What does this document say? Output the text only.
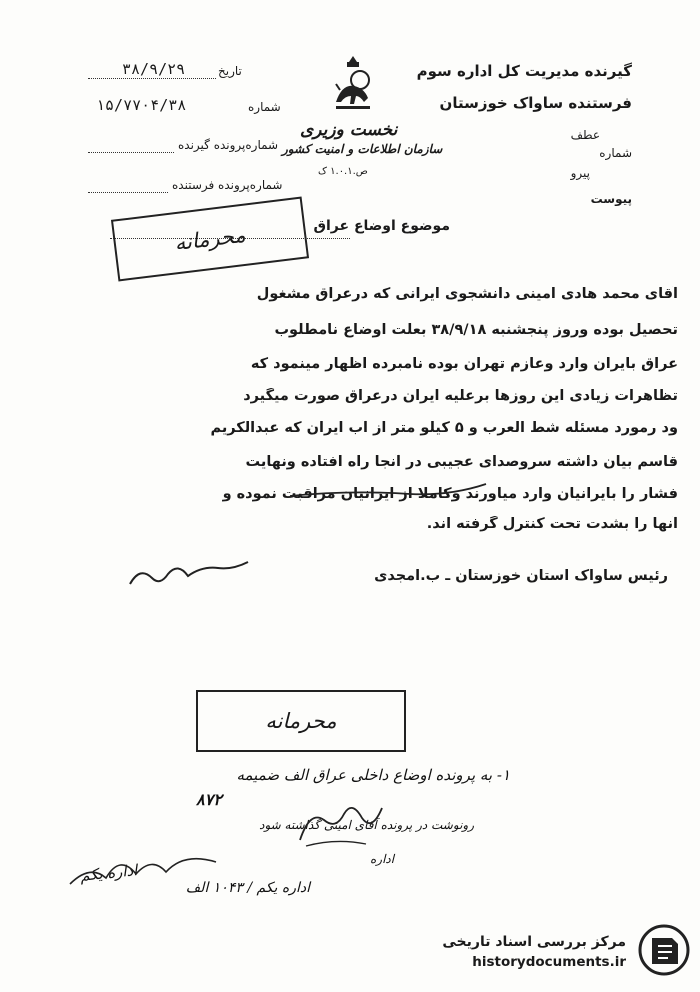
گیرنده مدیریت کل اداره سوم
فرستنده ساواک خوزستان
عطف
شماره
پیرو
پیوست
تاریخ
۳۸/۹/۲۹
شماره
۱۵/۷۷۰۴/۳۸
شماره‌پرونده گیرنده
شماره‌پرونده فرستنده
نخست وزیری
سازمان اطلاعات و امنیت کشور
ص.۱.۰.۱ ک
موضوع اوضاع عراق
محرمانه
آقای محمد هادی امینی دانشجوی ایرانی که درعراق مشغول
تحصیل بوده وروز پنجشنبه ۳۸/۹/۱۸ بعلت اوضاع نامطلوب
عراق بایران وارد وعازم تهران بوده نامبرده اظهار مینمود که
تظاهرات زیادی این روزها برعلیه ایران درعراق صورت میگیرد
ود رمورد مسئله شط العرب و ۵ کیلو متر از آب ایران که عبدالکریم
قاسم بیان داشته سروصدای عجیبی در آنجا راه افتاده ونهایت
فشار را بایرانیان وارد میآورند وکاملا از ایرانیان مراقبت نموده و
آنها را بشدت تحت کنترل گرفته اند.
رئیس ساواک استان خوزستان ـ ب.امجدی
محرمانه
۱- به پرونده اوضاع داخلی عراق الف ضمیمه
۸۷۲
رونوشت در پرونده آقای امینی گذاشته شود
اداره
اداره یکم / ۱۰۴۳ الف
اداره یکم
مرکز بررسی اسناد تاریخی
historydocuments.ir
